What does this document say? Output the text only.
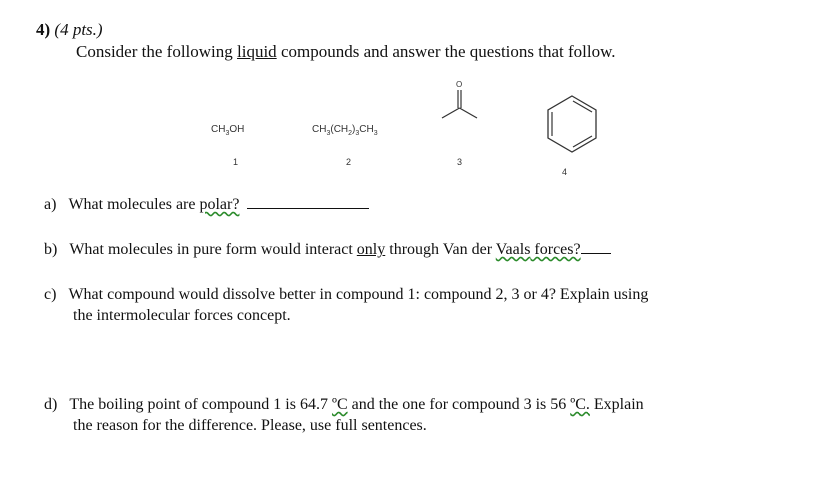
4) (4 pts.)
Consider the following liquid compounds and answer the questions that follow.
$CH_3OH$
1
$CH_3(CH_2)_3CH_3$
2
O
3
4
a) What molecules are polar?
b) What molecules in pure form would interact only through Van der Vaals forces?
c) What compound would dissolve better in compound 1: compound 2, 3 or 4? Explain using
the intermolecular forces concept.
d) The boiling point of compound 1 is 64.7 ºC and the one for compound 3 is 56 ºC. Explain
the reason for the difference. Please, use full sentences.
